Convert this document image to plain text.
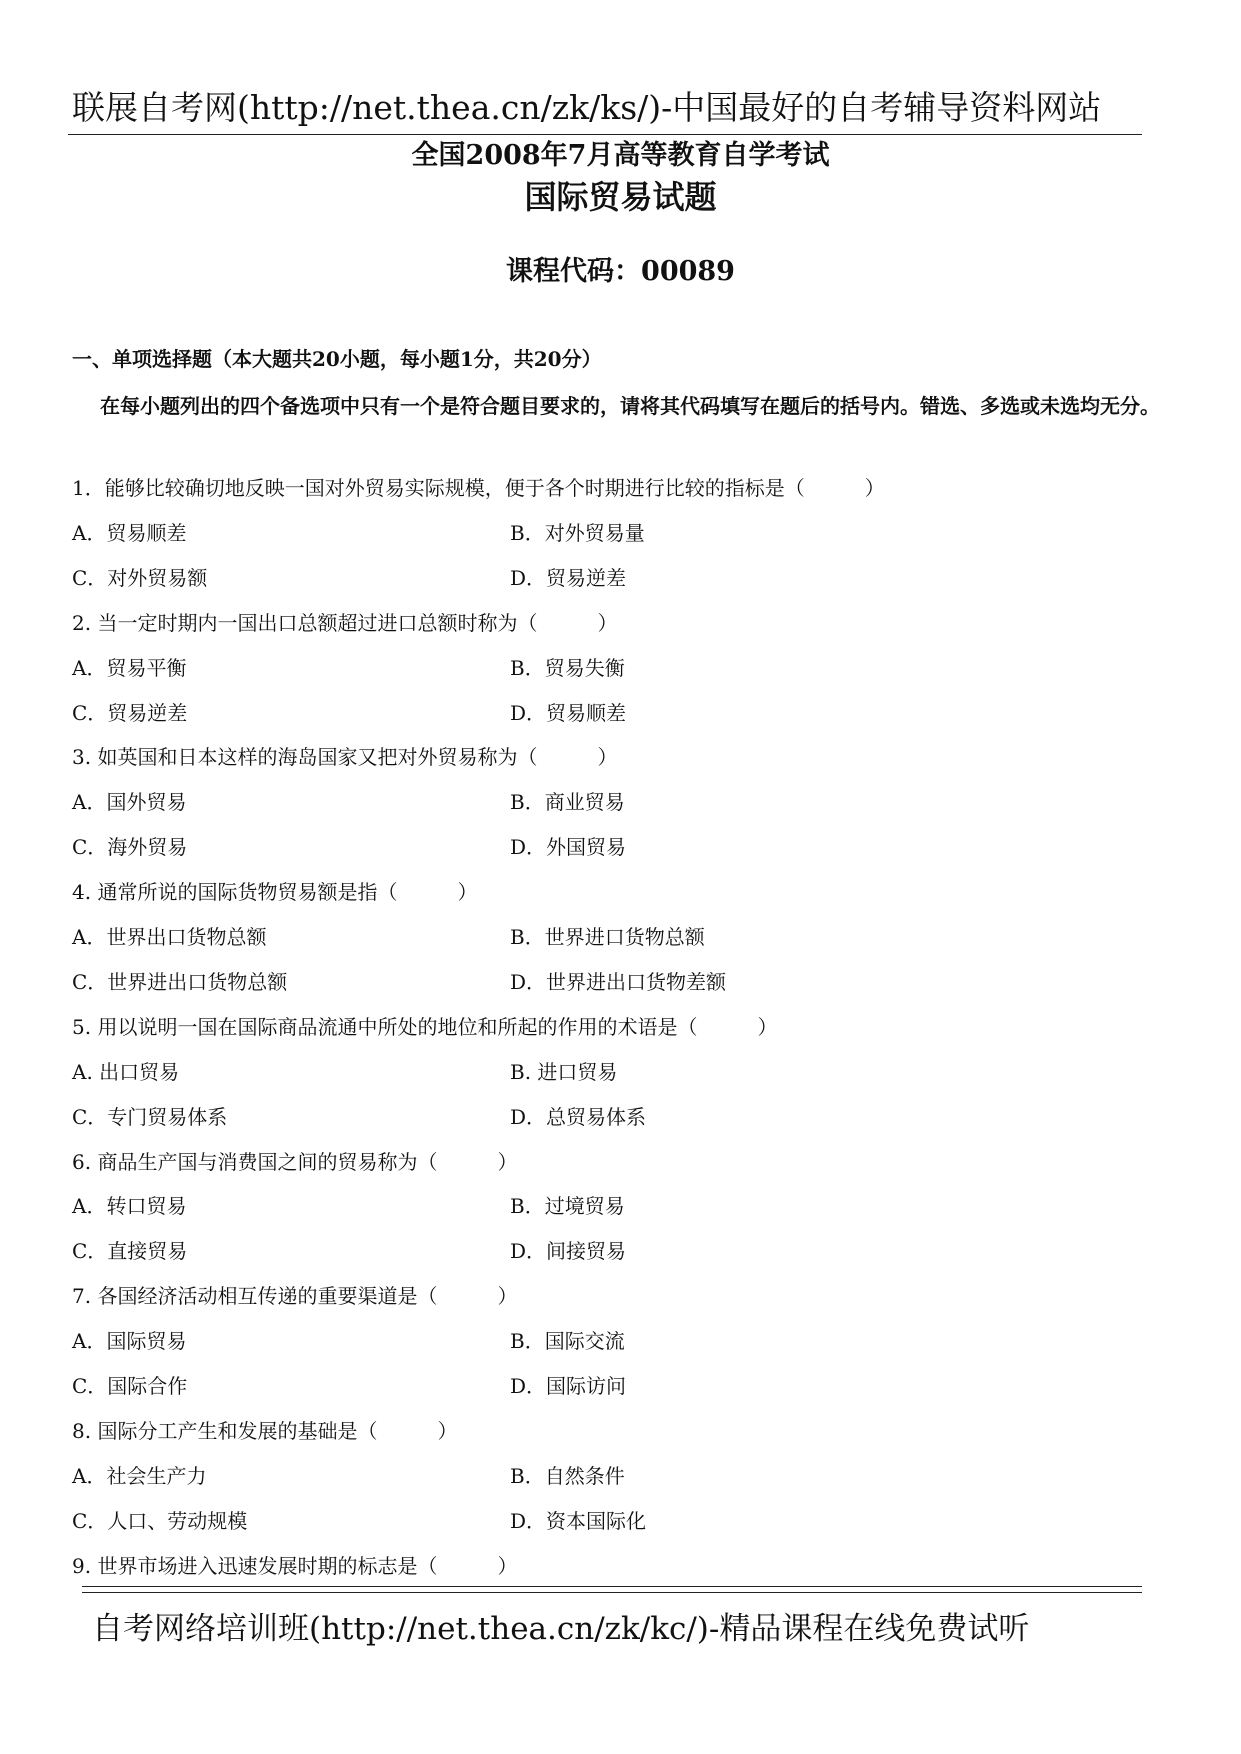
联展自考网(http://net.thea.cn/zk/ks/)-中国最好的自考辅导资料网站
全国2008年7月高等教育自学考试
国际贸易试题
课程代码：00089
一、单项选择题（本大题共20小题，每小题1分，共20分）
在每小题列出的四个备选项中只有一个是符合题目要求的，请将其代码填写在题后的括号内。错选、多选或未选均无分。
1．能够比较确切地反映一国对外贸易实际规模，便于各个时期进行比较的指标是（　　　）
A．贸易顺差	B．对外贸易量
C．对外贸易额	D．贸易逆差
2. 当一定时期内一国出口总额超过进口总额时称为（　　　）
A．贸易平衡	B．贸易失衡
C．贸易逆差	D．贸易顺差
3. 如英国和日本这样的海岛国家又把对外贸易称为（　　　）
A．国外贸易	B．商业贸易
C．海外贸易	D．外国贸易
4. 通常所说的国际货物贸易额是指（　　　）
A．世界出口货物总额	B．世界进口货物总额
C．世界进出口货物总额	D．世界进出口货物差额
5. 用以说明一国在国际商品流通中所处的地位和所起的作用的术语是（　　　）
A. 出口贸易	B. 进口贸易
C．专门贸易体系	D．总贸易体系
6. 商品生产国与消费国之间的贸易称为（　　　）
A．转口贸易	B．过境贸易
C．直接贸易	D．间接贸易
7. 各国经济活动相互传递的重要渠道是（　　　）
A．国际贸易	B．国际交流
C．国际合作	D．国际访问
8. 国际分工产生和发展的基础是（　　　）
A．社会生产力	B．自然条件
C．人口、劳动规模	D．资本国际化
9. 世界市场进入迅速发展时期的标志是（　　　）
自考网络培训班(http://net.thea.cn/zk/kc/)-精品课程在线免费试听
